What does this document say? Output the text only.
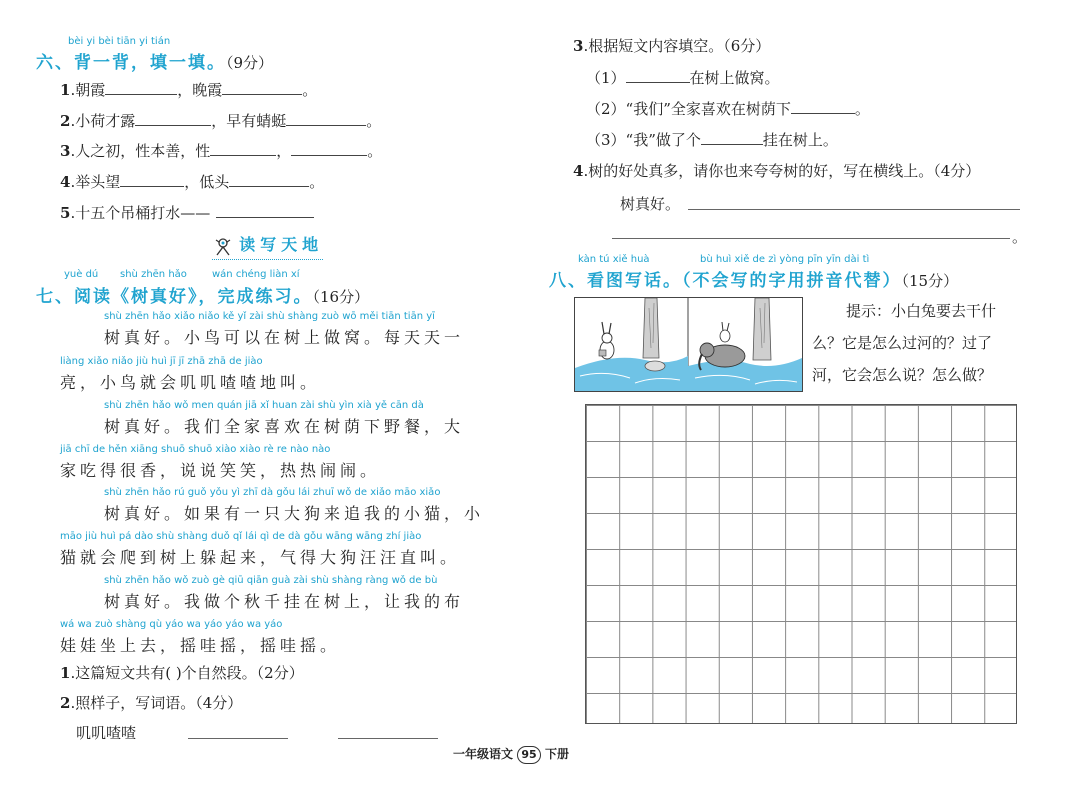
bèi yi bèi tiān yi tián
六、背一背，填一填。（9分）
1.朝霞	，晚霞	。
2.小荷才露	，早有蜻蜓	。
3.人之初，性本善，性	，	。
4.举头望	，低头	。
5.十五个吊桶打水——
读写天地
yuè dú shù zhēn hǎo	wán chéng liàn xí
七、阅读《树真好》，完成练习。（16分）
shù zhēn hǎo xiǎo niǎo kě yǐ zài shù shàng zuò wō měi tiān tiān yī
树真好。小鸟可以在树上做窝。每天天一
liàng xiǎo niǎo jiù huì jī jī zhā zhā de jiào
亮，小鸟就会叽叽喳喳地叫。
shù zhēn hǎo wǒ men quán jiā xǐ huan zài shù yìn xià yě cān dà
树真好。我们全家喜欢在树荫下野餐，大
jiā chī de hěn xiāng shuō shuō xiào xiào rè re nào nào
家吃得很香，说说笑笑，热热闹闹。
shù zhēn hǎo rú guǒ yǒu yì zhī dà gǒu lái zhuī wǒ de xiǎo māo xiǎo
树真好。如果有一只大狗来追我的小猫，小
māo jiù huì pá dào shù shàng duǒ qǐ lái qì de dà gǒu wāng wāng zhí jiào
猫就会爬到树上躲起来，气得大狗汪汪直叫。
shù zhēn hǎo wǒ zuò gè qiū qiān guà zài shù shàng ràng wǒ de bù
树真好。我做个秋千挂在树上，让我的布
wá wa zuò shàng qù yáo wa yáo yáo wa yáo
娃娃坐上去，摇哇摇，摇哇摇。
1.这篇短文共有( )个自然段。（2分）
2.照样子，写词语。（4分）
叽叽喳喳
3.根据短文内容填空。（6分）
（1）	在树上做窝。
（2）“我们”全家喜欢在树荫下	。
（3）“我”做了个	挂在树上。
4.树的好处真多，请你也来夸夸树的好，写在横线上。（4分）
树真好。
。
kàn tú xiě huà	bù huì xiě de zì yòng pīn yīn dài tì
八、看图写话。（不会写的字用拼音代替）（15分）
提示：小白兔要去干什
么？它是怎么过河的？过了
河，它会怎么说？怎么做？
一年级语文 95 下册
